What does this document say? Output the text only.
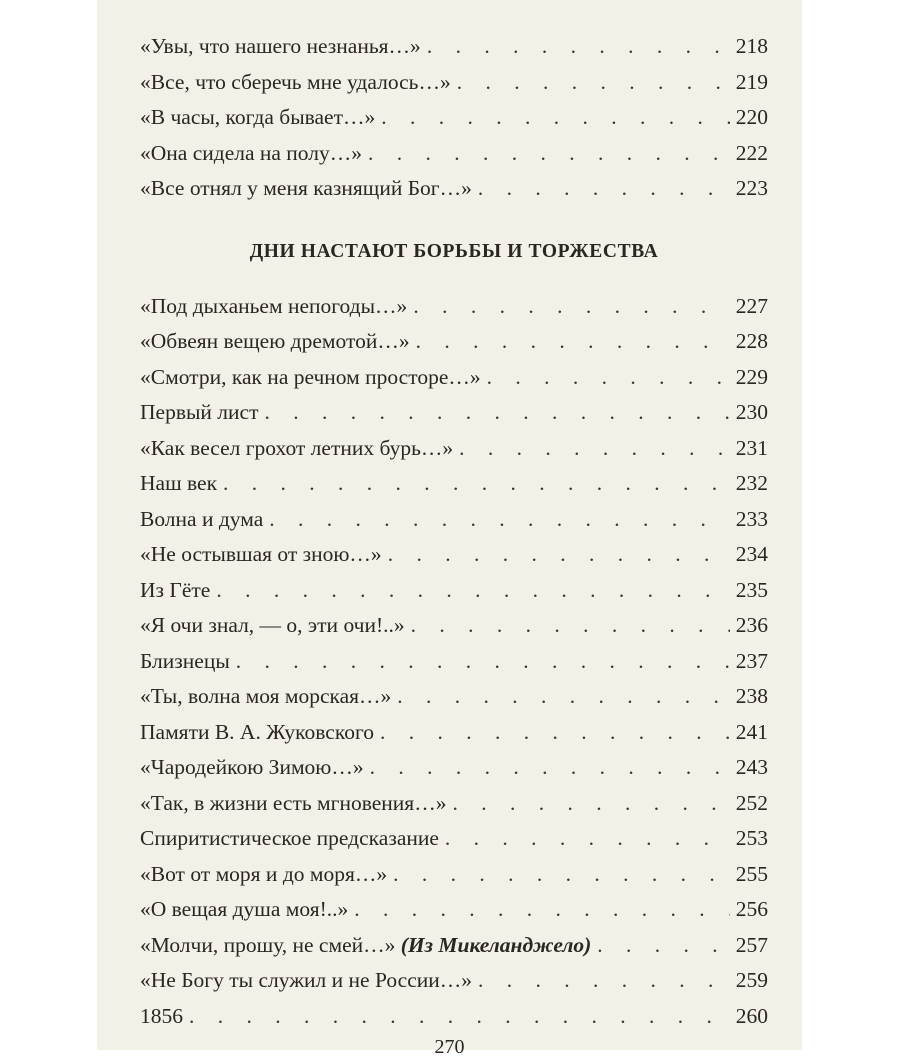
«Увы, что нашего незнанья…» . . .	218
«Все, что сберечь мне удалось…» . . .	219
«В часы, когда бывает…» . . .	220
«Она сидела на полу…» . . .	222
«Все отнял у меня казнящий Бог…» . . .	223
ДНИ НАСТАЮТ БОРЬБЫ И ТОРЖЕСТВА
«Под дыханьем непогоды…» . . .	227
«Обвеян вещею дремотой…» . . .	228
«Смотри, как на речном просторе…» . . .	229
Первый лист . . .	230
«Как весел грохот летних бурь…» . . .	231
Наш век . . .	232
Волна и дума . . .	233
«Не остывшая от зною…» . . .	234
Из Гёте . . .	235
«Я очи знал, — о, эти очи!..» . . .	236
Близнецы . . .	237
«Ты, волна моя морская…» . . .	238
Памяти В. А. Жуковского . . .	241
«Чародейкою Зимою…» . . .	243
«Так, в жизни есть мгновения…» . . .	252
Спиритистическое предсказание . . .	253
«Вот от моря и до моря…» . . .	255
«О вещая душа моя!..» . . .	256
«Молчи, прошу, не смей…» (Из Микеланджело) . . .	257
«Не Богу ты служил и не России…» . . .	259
1856 . . .	260
270
